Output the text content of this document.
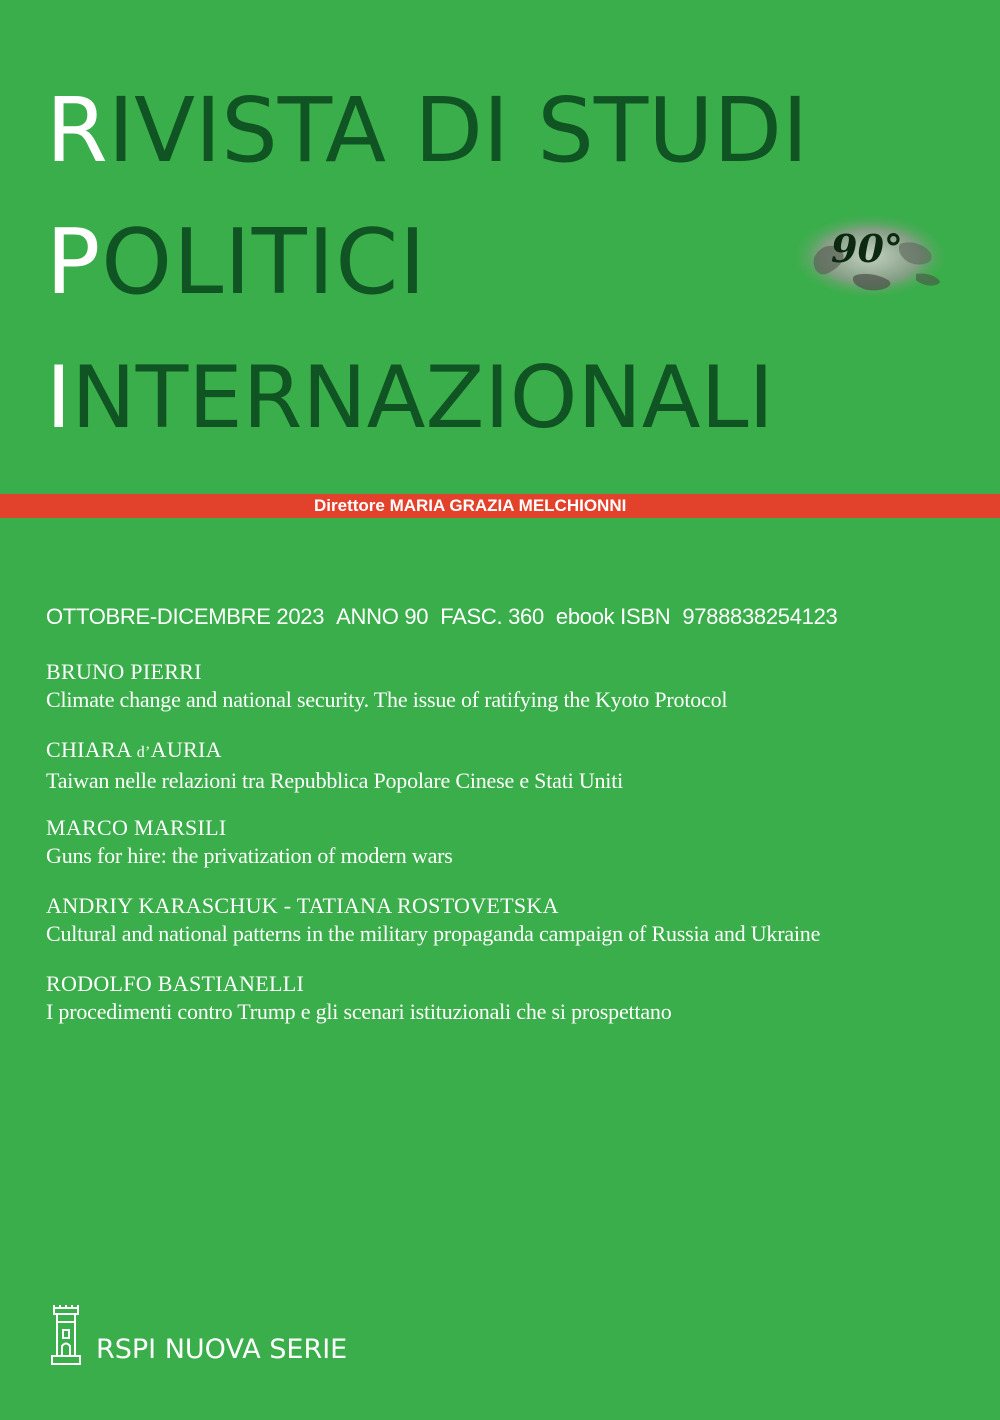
RIVISTA DI STUDI
POLITICI
INTERNAZIONALI
90°
Direttore MARIA GRAZIA MELCHIONNI
OTTOBRE-DICEMBRE 2023 ANNO 90 FASC. 360 ebook ISBN 9788838254123
BRUNO PIERRI
Climate change and national security. The issue of ratifying the Kyoto Protocol
CHIARA d’AURIA
Taiwan nelle relazioni tra Repubblica Popolare Cinese e Stati Uniti
MARCO MARSILI
Guns for hire: the privatization of modern wars
ANDRIY KARASCHUK - TATIANA ROSTOVETSKA
Cultural and national patterns in the military propaganda campaign of Russia and Ukraine
RODOLFO BASTIANELLI
I procedimenti contro Trump e gli scenari istituzionali che si prospettano
RSPI NUOVA SERIE
